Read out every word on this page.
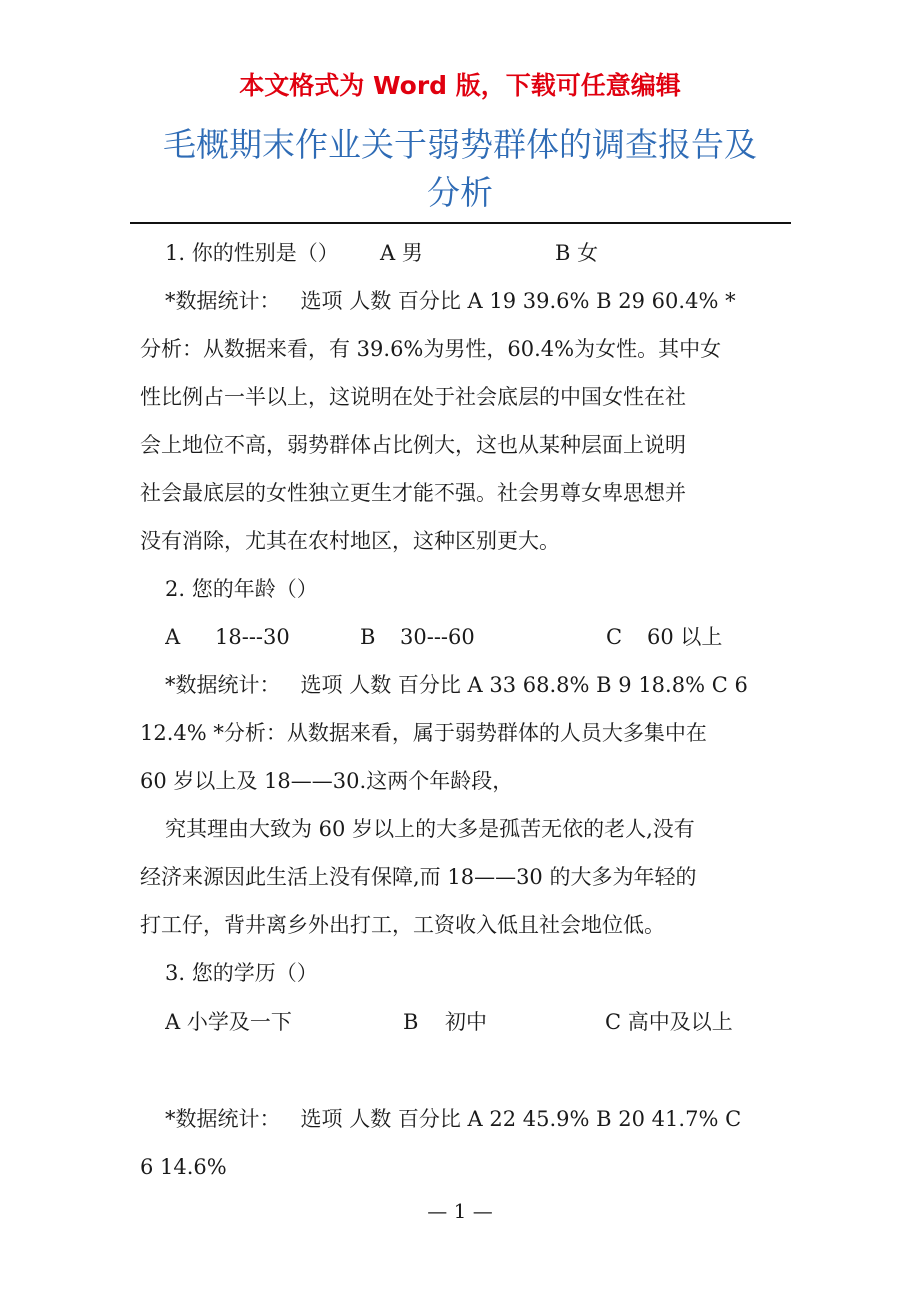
本文格式为 Word 版，下载可任意编辑
毛概期末作业关于弱势群体的调查报告及
分析
1. 你的性别是（） A 男	B 女
*数据统计：   选项 人数 百分比 A 19 39.6% B 29 60.4% *
分析：从数据来看，有 39.6%为男性，60.4%为女性。其中女
性比例占一半以上，这说明在处于社会底层的中国女性在社
会上地位不高，弱势群体占比例大，这也从某种层面上说明
社会最底层的女性独立更生才能不强。社会男尊女卑思想并
没有消除，尤其在农村地区，这种区别更大。
2. 您的年龄（）
A 18---30	B 30---60	C 60 以上
*数据统计：   选项 人数 百分比 A 33 68.8% B 9 18.8% C 6
12.4% *分析：从数据来看，属于弱势群体的人员大多集中在
60 岁以上及 18——30.这两个年龄段，
究其理由大致为 60 岁以上的大多是孤苦无依的老人,没有
经济来源因此生活上没有保障,而 18——30 的大多为年轻的
打工仔，背井离乡外出打工，工资收入低且社会地位低。
3. 您的学历（）
A 小学及一下	B 初中	C 高中及以上
*数据统计：   选项 人数 百分比 A 22 45.9% B 20 41.7% C
6 14.6%
— 1 —
